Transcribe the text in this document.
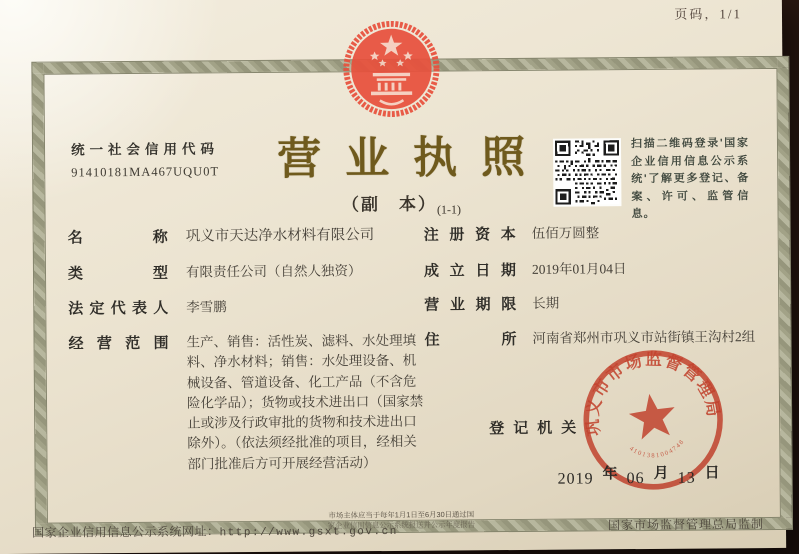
页码，1/1
统一社会信用代码
91410181MA467UQU0T	营业执照
（副　本）$_{(1-1)}$
扫描二维码登录'国家企业信用信息公示系统'了解更多登记、备案、许可、监管信息。
名称 巩义市天达净水材料有限公司
类型 有限责任公司（自然人独资）
法定代表人 李雪鹏
经营范围 生产、销售：活性炭、滤料、水处理填料、净水材料；销售：水处理设备、机械设备、管道设备、化工产品（不含危险化学品）；货物或技术进出口（国家禁止或涉及行政审批的货物和技术进出口除外）。（依法须经批准的项目，经相关部门批准后方可开展经营活动）
注册资本 伍佰万圆整
成立日期 2019年01月04日
营业期限 长期
住所 河南省郑州市巩义市站街镇王沟村2组
登记机关
巩义市市场监督管理局
4101381004748
2019 年 06 月 13 日
国家企业信用信息公示系统网址：http://www.gsxt.gov.cn
市场主体应当于每年1月1日至6月30日通过国
家企业信用信息公示系统报送并公示年度报告	国家市场监督管理总局监制
